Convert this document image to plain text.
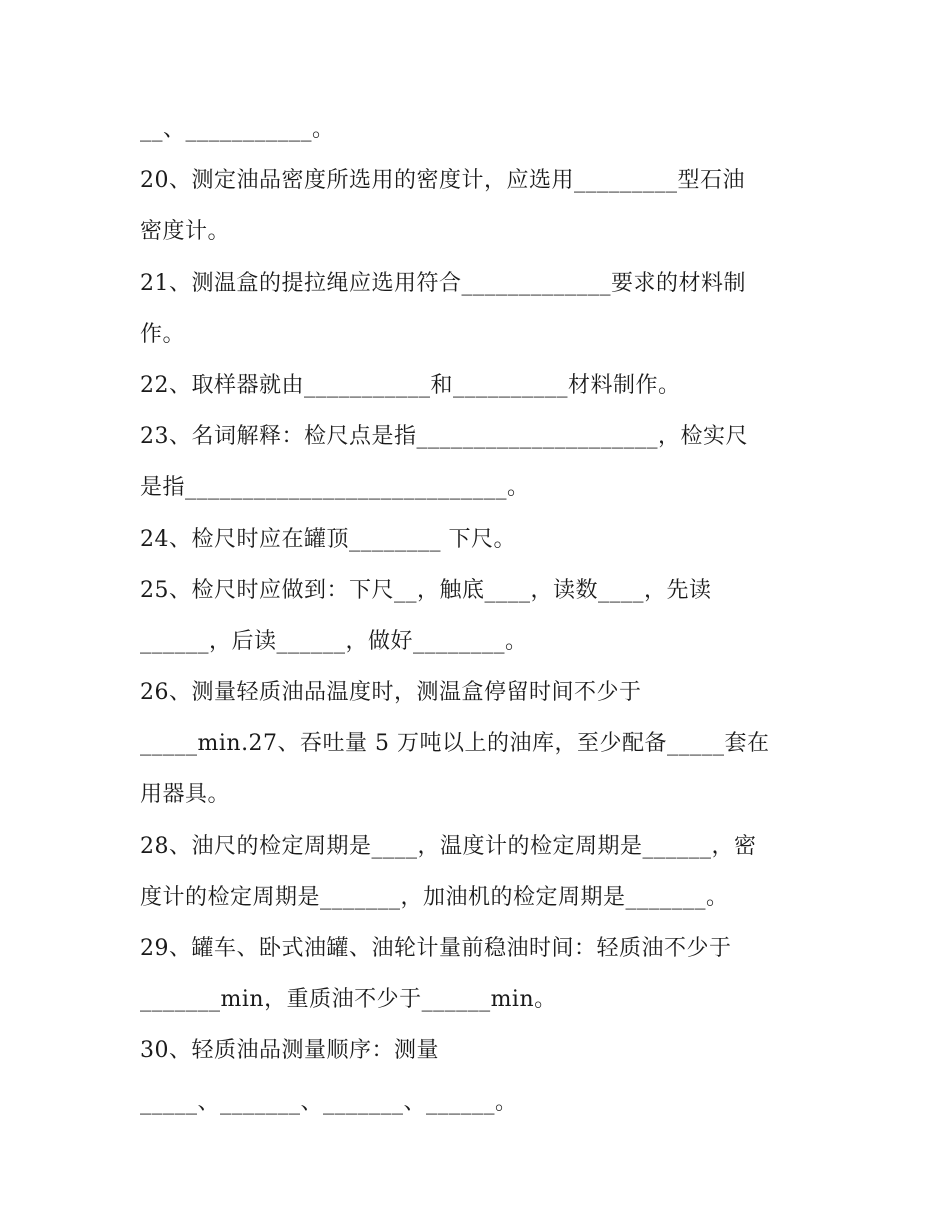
__、___________。
20、测定油品密度所选用的密度计，应选用_________型石油
密度计。
21、测温盒的提拉绳应选用符合_____________要求的材料制
作。
22、取样器就由___________和__________材料制作。
23、名词解释：检尺点是指_____________________，检实尺
是指____________________________。
24、检尺时应在罐顶________ 下尺。
25、检尺时应做到：下尺__，触底____，读数____，先读
______，后读______，做好________。
26、测量轻质油品温度时，测温盒停留时间不少于
_____min.27、吞吐量 5 万吨以上的油库，至少配备_____套在
用器具。
28、油尺的检定周期是____，温度计的检定周期是______，密
度计的检定周期是_______，加油机的检定周期是_______。
29、罐车、卧式油罐、油轮计量前稳油时间：轻质油不少于
_______min，重质油不少于______min。
30、轻质油品测量顺序：测量
_____、_______、_______、______。
